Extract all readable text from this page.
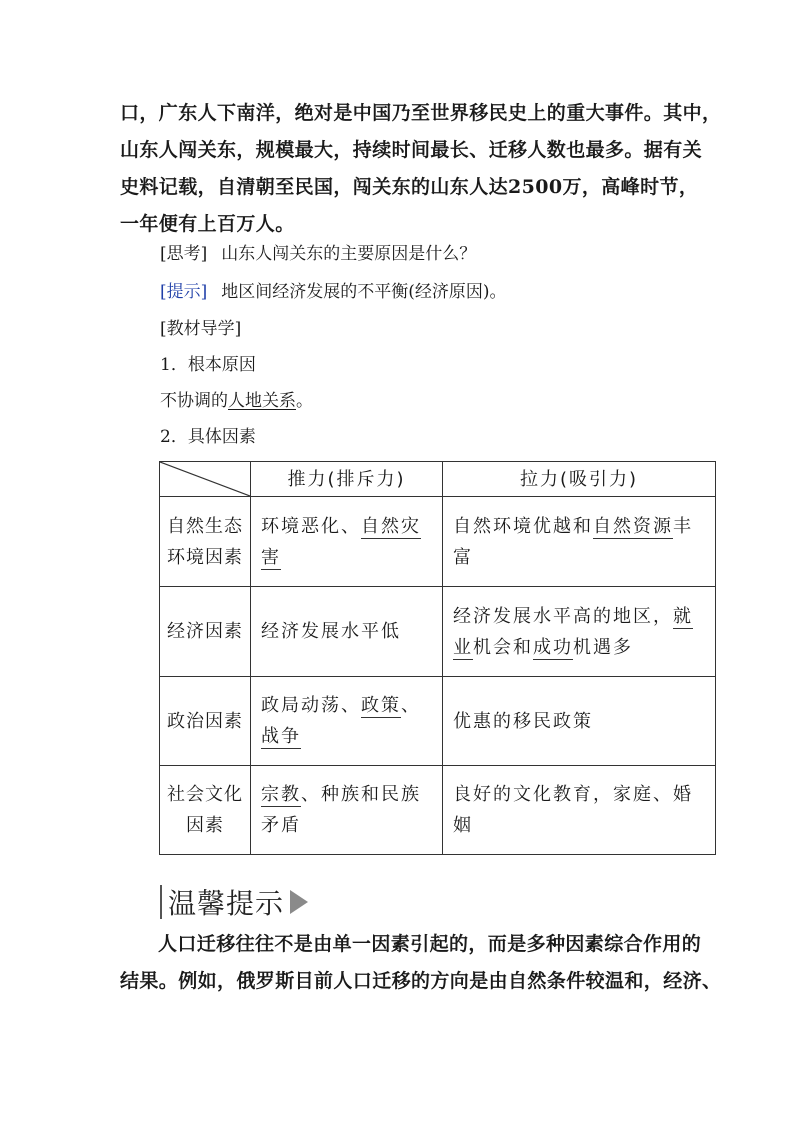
口，广东人下南洋，绝对是中国乃至世界移民史上的重大事件。其中，
山东人闯关东，规模最大，持续时间最长、迁移人数也最多。据有关
史料记载，自清朝至民国，闯关东的山东人达2500万，高峰时节，
一年便有上百万人。
[思考] 山东人闯关东的主要原因是什么？
[提示] 地区间经济发展的不平衡(经济原因)。
[教材导学]
1．根本原因
不协调的人地关系。
2．具体因素
	推力(排斥力)	拉力(吸引力)
自然生态环境因素	环境恶化、自然灾害	自然环境优越和自然资源丰富
经济因素	经济发展水平低	经济发展水平高的地区，就业机会和成功机遇多
政治因素	政局动荡、政策、战争	优惠的移民政策
社会文化因素	宗教、种族和民族矛盾	良好的文化教育，家庭、婚姻
温馨提示
人口迁移往往不是由单一因素引起的，而是多种因素综合作用的
结果。例如，俄罗斯目前人口迁移的方向是由自然条件较温和，经济、
